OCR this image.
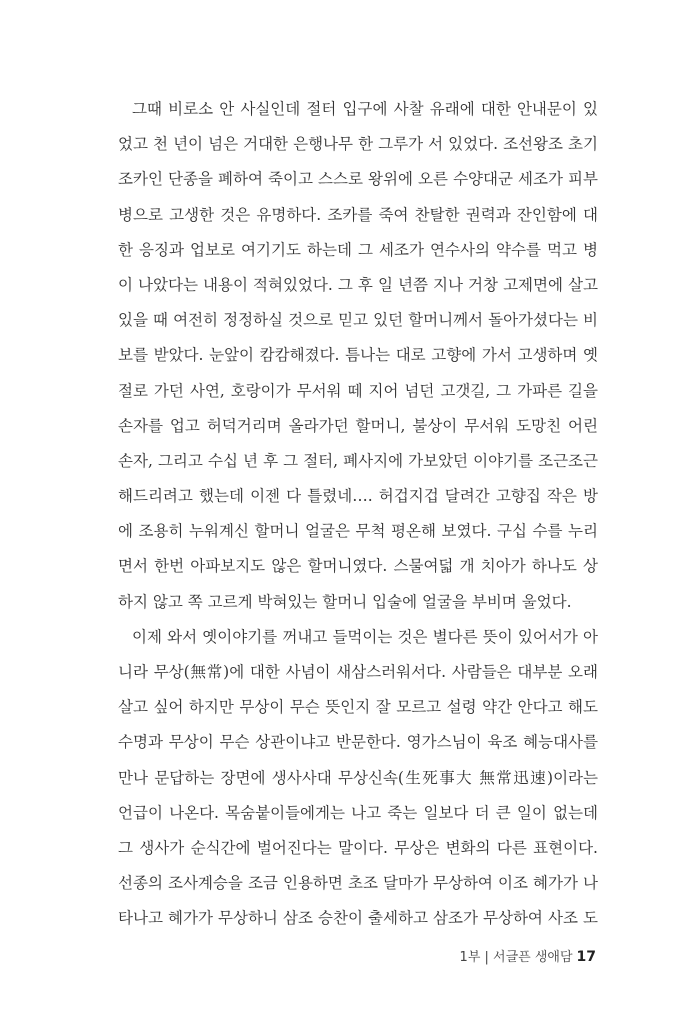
그때 비로소 안 사실인데 절터 입구에 사찰 유래에 대한 안내문이 있
었고 천 년이 넘은 거대한 은행나무 한 그루가 서 있었다. 조선왕조 초기
조카인 단종을 폐하여 죽이고 스스로 왕위에 오른 수양대군 세조가 피부
병으로 고생한 것은 유명하다. 조카를 죽여 찬탈한 권력과 잔인함에 대
한 응징과 업보로 여기기도 하는데 그 세조가 연수사의 약수를 먹고 병
이 나았다는 내용이 적혀있었다. 그 후 일 년쯤 지나 거창 고제면에 살고
있을 때 여전히 정정하실 것으로 믿고 있던 할머니께서 돌아가셨다는 비
보를 받았다. 눈앞이 캄캄해졌다. 틈나는 대로 고향에 가서 고생하며 옛
절로 가던 사연, 호랑이가 무서워 떼 지어 넘던 고갯길, 그 가파른 길을
손자를 업고 허덕거리며 올라가던 할머니, 불상이 무서워 도망친 어린
손자, 그리고 수십 년 후 그 절터, 폐사지에 가보았던 이야기를 조근조근
해드리려고 했는데 이젠 다 틀렸네…. 허겁지겁 달려간 고향집 작은 방
에 조용히 누워계신 할머니 얼굴은 무척 평온해 보였다. 구십 수를 누리
면서 한번 아파보지도 않은 할머니였다. 스물여덟 개 치아가 하나도 상
하지 않고 쪽 고르게 박혀있는 할머니 입술에 얼굴을 부비며 울었다.
이제 와서 옛이야기를 꺼내고 들먹이는 것은 별다른 뜻이 있어서가 아
니라 무상(無常)에 대한 사념이 새삼스러워서다. 사람들은 대부분 오래
살고 싶어 하지만 무상이 무슨 뜻인지 잘 모르고 설령 약간 안다고 해도
수명과 무상이 무슨 상관이냐고 반문한다. 영가스님이 육조 혜능대사를
만나 문답하는 장면에 생사사대 무상신속(生死事大 無常迅速)이라는
언급이 나온다. 목숨붙이들에게는 나고 죽는 일보다 더 큰 일이 없는데
그 생사가 순식간에 벌어진다는 말이다. 무상은 변화의 다른 표현이다.
선종의 조사계승을 조금 인용하면 초조 달마가 무상하여 이조 혜가가 나
타나고 혜가가 무상하니 삼조 승찬이 출세하고 삼조가 무상하여 사조 도
1부 | 서글픈 생애담 17
